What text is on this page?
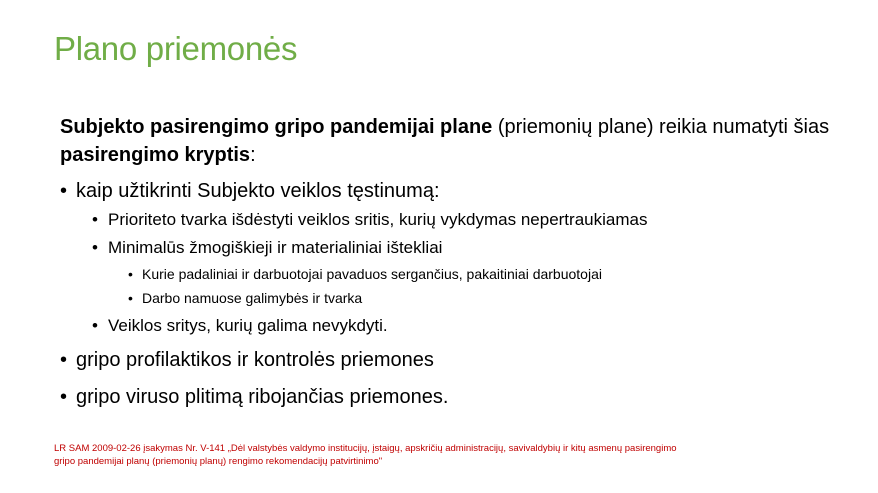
Plano priemonės
Subjekto pasirengimo gripo pandemijai plane (priemonių plane) reikia numatyti šias pasirengimo kryptis:
• kaip užtikrinti Subjekto veiklos tęstinumą:
• Prioriteto tvarka išdėstyti veiklos sritis, kurių vykdymas nepertraukiamas
• Minimalūs žmogiškieji ir materialiniai ištekliai
• Kurie padaliniai ir darbuotojai pavaduos sergančius, pakaitiniai darbuotojai
• Darbo namuose galimybės ir tvarka
• Veiklos sritys, kurių galima nevykdyti.
• gripo profilaktikos ir kontrolės priemones
• gripo viruso plitimą ribojančias priemones.
LR SAM 2009-02-26 įsakymas Nr. V-141 „Dėl valstybės valdymo institucijų, įstaigų, apskričių administracijų, savivaldybių ir kitų asmenų pasirengimo
gripo pandemijai planų (priemonių planų) rengimo rekomendacijų patvirtinimo"
